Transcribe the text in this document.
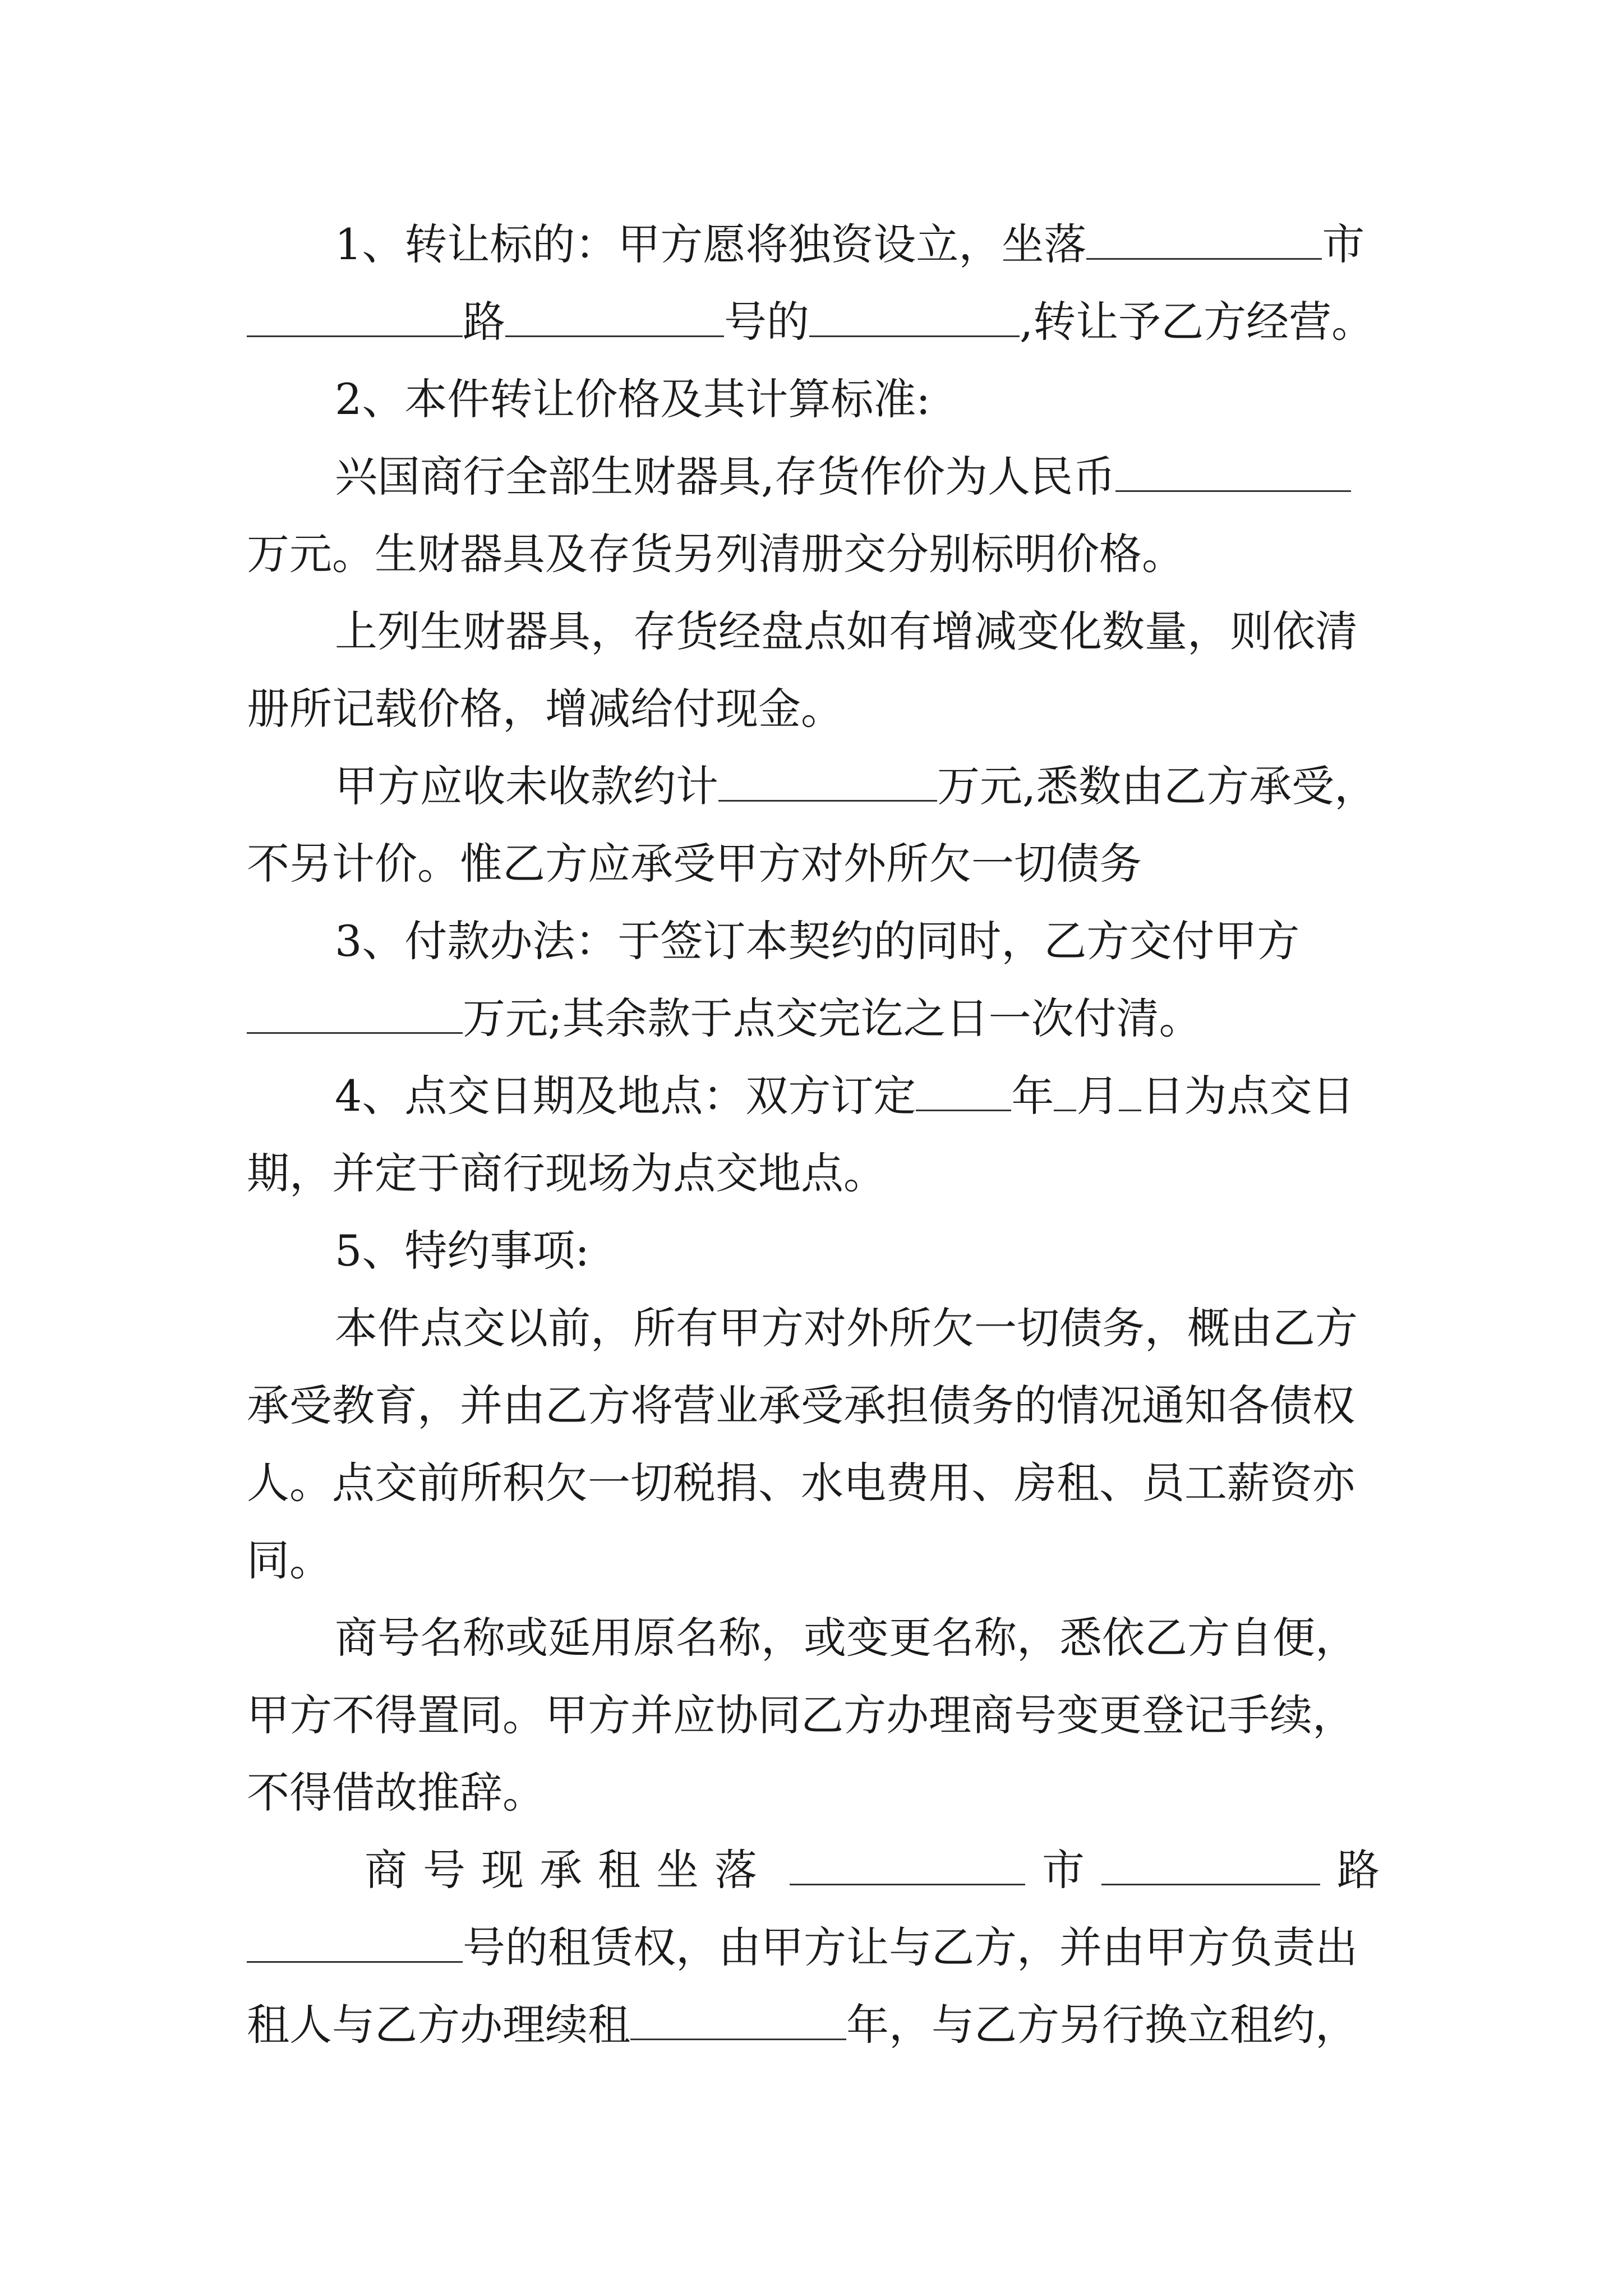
1、转让标的：甲方愿将独资设立，坐落	市
路	号的	,转让予乙方经营。
2、本件转让价格及其计算标准:
兴国商行全部生财器具,存货作价为人民币
万元。生财器具及存货另列清册交分别标明价格。
上列生财器具，存货经盘点如有增减变化数量，则依清
册所记载价格，增减给付现金。
甲方应收未收款约计	万元,悉数由乙方承受，
不另计价。惟乙方应承受甲方对外所欠一切债务
3、付款办法：于签订本契约的同时，乙方交付甲方
万元;其余款于点交完讫之日一次付清。
4、点交日期及地点：双方订定 年 月 日为点交日
期，并定于商行现场为点交地点。
5、特约事项:
本件点交以前，所有甲方对外所欠一切债务，概由乙方
承受教育，并由乙方将营业承受承担债务的情况通知各债权
人。点交前所积欠一切税捐、水电费用、房租、员工薪资亦
同。
商号名称或延用原名称，或变更名称，悉依乙方自便，
甲方不得置同。甲方并应协同乙方办理商号变更登记手续，
不得借故推辞。
商号现承租坐落	市	路
号的租赁权，由甲方让与乙方，并由甲方负责出
租人与乙方办理续租	年，与乙方另行换立租约，
